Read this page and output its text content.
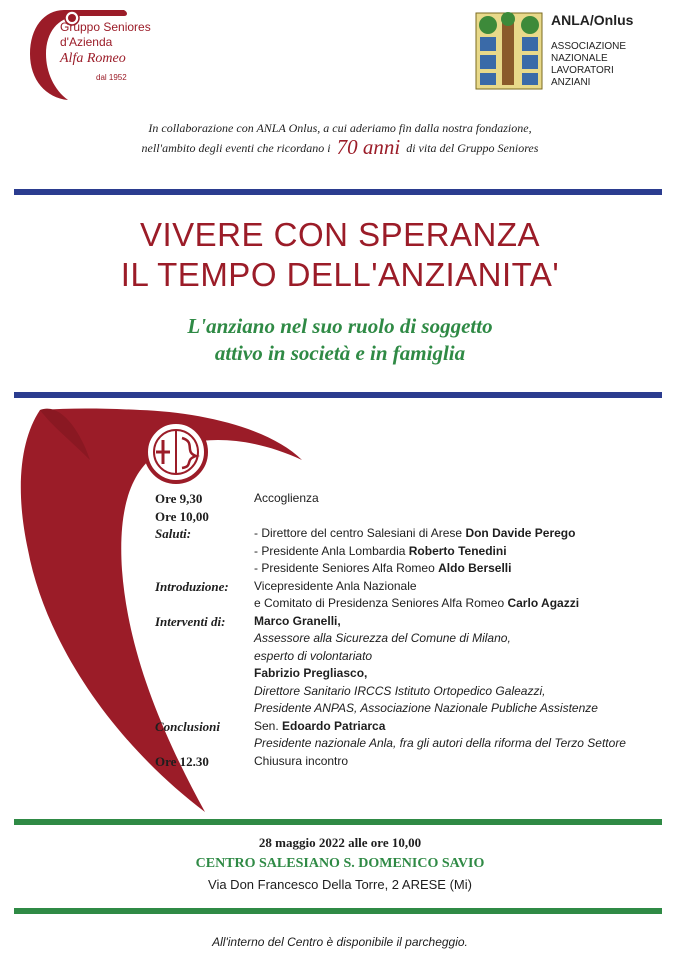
Gruppo Seniores
d'Azienda
Alfa Romeo
dal 1952
ANLA/Onlus
ASSOCIAZIONE
NAZIONALE
LAVORATORI
ANZIANI
In collaborazione con ANLA Onlus, a cui aderiamo fin dalla nostra fondazione,
nell'ambito degli eventi che ricordano i 70 anni di vita del Gruppo Seniores
VIVERE CON SPERANZA
IL TEMPO DELL'ANZIANITA'
L'anziano nel suo ruolo di soggetto
attivo in società e in famiglia
Ore 9,30	Accoglienza
Ore 10,00
Saluti:	- Direttore del centro Salesiani di Arese Don Davide Perego
- Presidente Anla Lombardia Roberto Tenedini
- Presidente Seniores Alfa Romeo Aldo Berselli
Introduzione:	Vicepresidente Anla Nazionale
e Comitato di Presidenza Seniores Alfa Romeo Carlo Agazzi
Interventi di:	Marco Granelli,
Assessore alla Sicurezza del Comune di Milano,
esperto di volontariato
Fabrizio Pregliasco,
Direttore Sanitario IRCCS Istituto Ortopedico Galeazzi,
Presidente ANPAS, Associazione Nazionale Publiche Assistenze
Conclusioni	Sen. Edoardo Patriarca
Presidente nazionale Anla, fra gli autori della riforma del Terzo Settore
Ore 12.30	Chiusura incontro
28 maggio 2022 alle ore 10,00
CENTRO SALESIANO S. DOMENICO SAVIO
Via Don Francesco Della Torre, 2 ARESE (Mi)
All'interno del Centro è disponibile il parcheggio.
